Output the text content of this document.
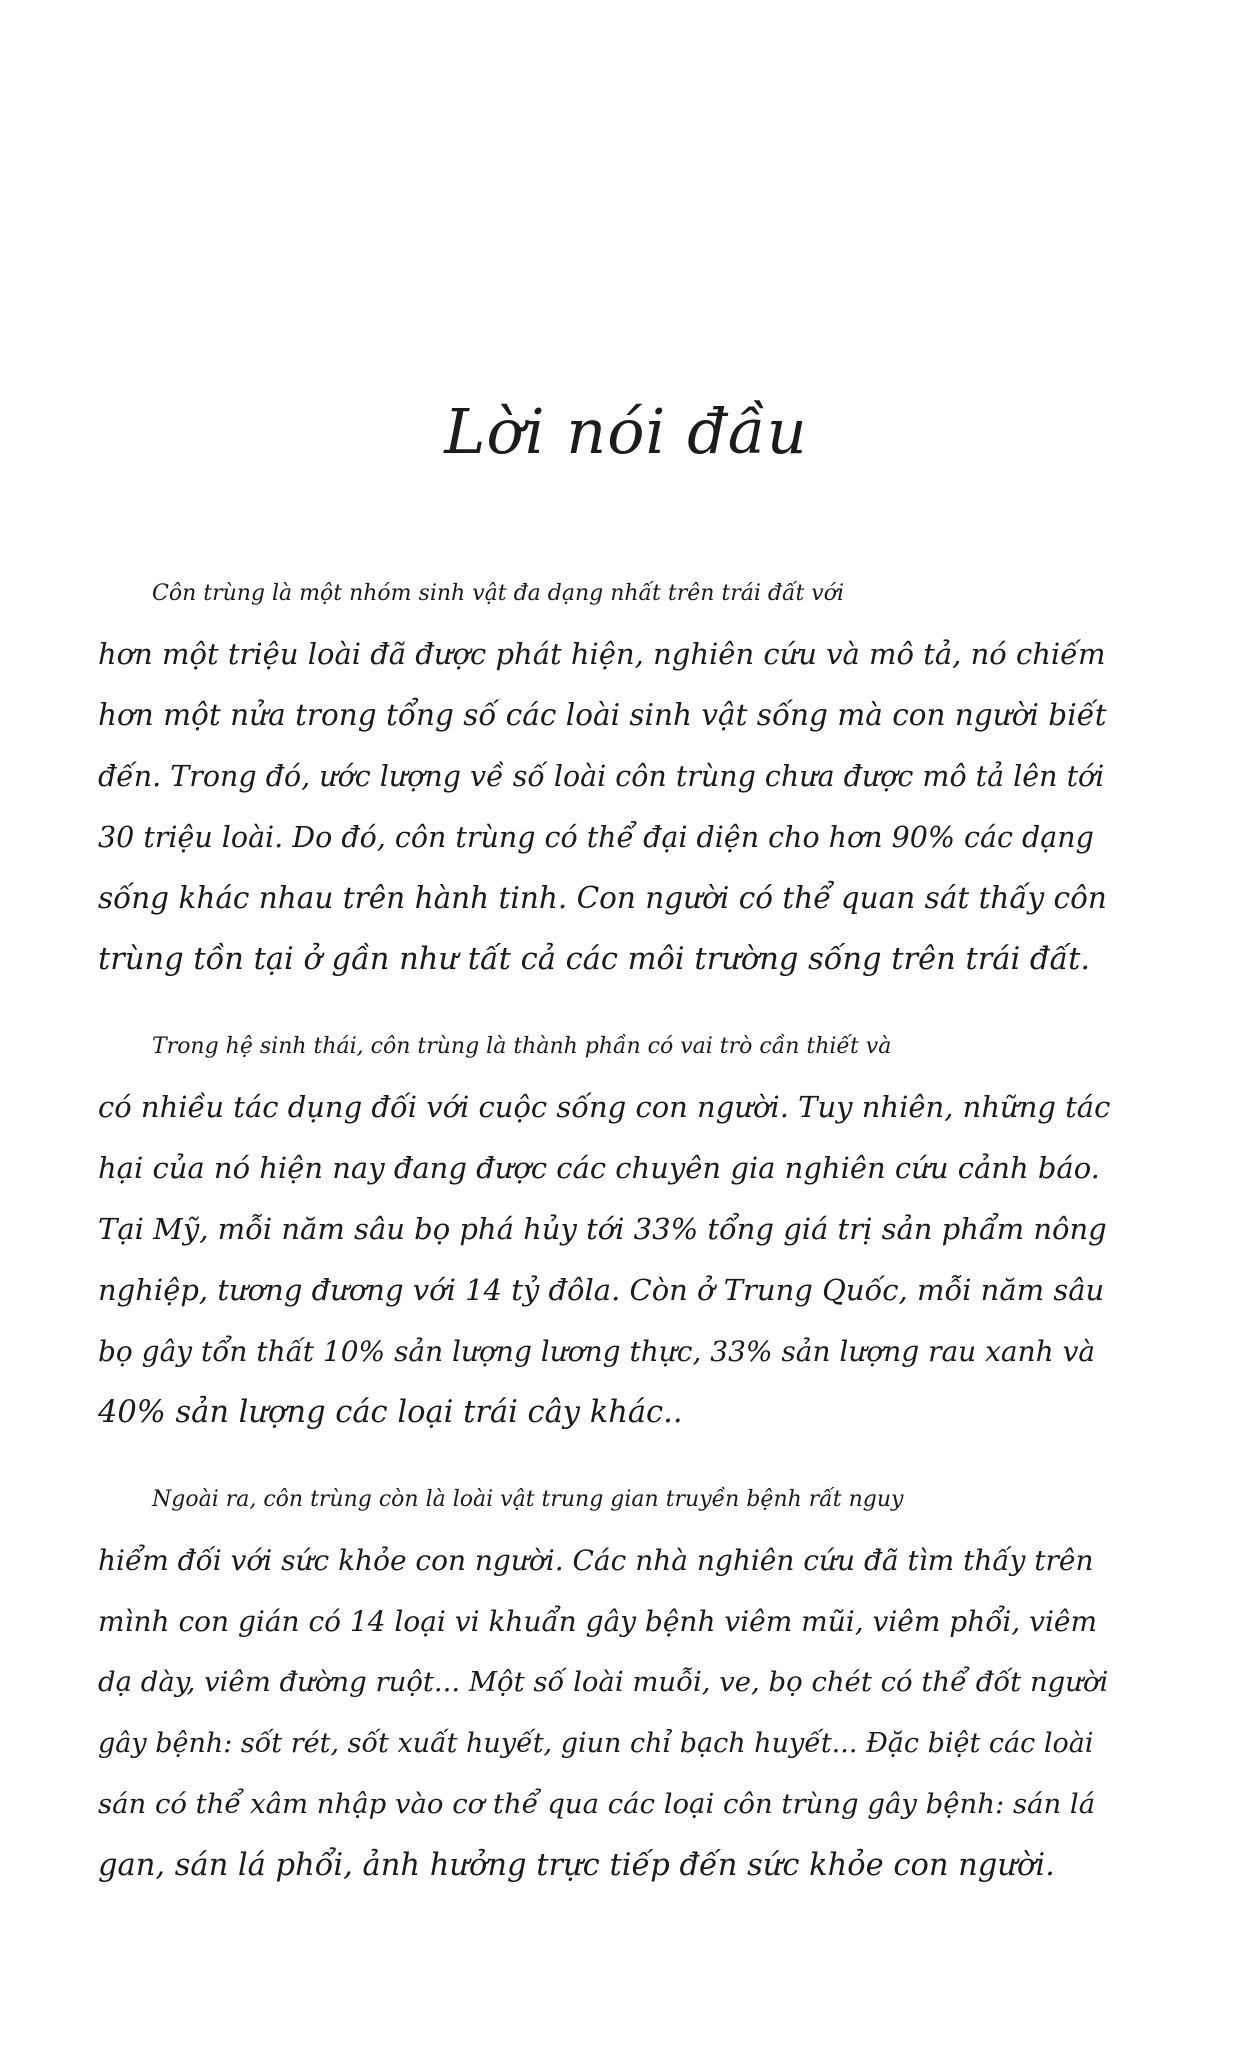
Lời nói đầu

Côn trùng là một nhóm sinh vật đa dạng nhất trên trái đất với
hơn một triệu loài đã được phát hiện, nghiên cứu và mô tả, nó chiếm
hơn một nửa trong tổng số các loài sinh vật sống mà con người biết
đến. Trong đó, ước lượng về số loài côn trùng chưa được mô tả lên tới
30 triệu loài. Do đó, côn trùng có thể đại diện cho hơn 90% các dạng
sống khác nhau trên hành tinh. Con người có thể quan sát thấy côn
trùng tồn tại ở gần như tất cả các môi trường sống trên trái đất.

Trong hệ sinh thái, côn trùng là thành phần có vai trò cần thiết và
có nhiều tác dụng đối với cuộc sống con người. Tuy nhiên, những tác
hại của nó hiện nay đang được các chuyên gia nghiên cứu cảnh báo.
Tại Mỹ, mỗi năm sâu bọ phá hủy tới 33% tổng giá trị sản phẩm nông
nghiệp, tương đương với 14 tỷ đôla. Còn ở Trung Quốc, mỗi năm sâu
bọ gây tổn thất 10% sản lượng lương thực, 33% sản lượng rau xanh và
40% sản lượng các loại trái cây khác..

Ngoài ra, côn trùng còn là loài vật trung gian truyền bệnh rất nguy
hiểm đối với sức khỏe con người. Các nhà nghiên cứu đã tìm thấy trên
mình con gián có 14 loại vi khuẩn gây bệnh viêm mũi, viêm phổi, viêm
dạ dày, viêm đường ruột... Một số loài muỗi, ve, bọ chét có thể đốt người
gây bệnh: sốt rét, sốt xuất huyết, giun chỉ bạch huyết... Đặc biệt các loài
sán có thể xâm nhập vào cơ thể qua các loại côn trùng gây bệnh: sán lá
gan, sán lá phổi, ảnh hưởng trực tiếp đến sức khỏe con người.
